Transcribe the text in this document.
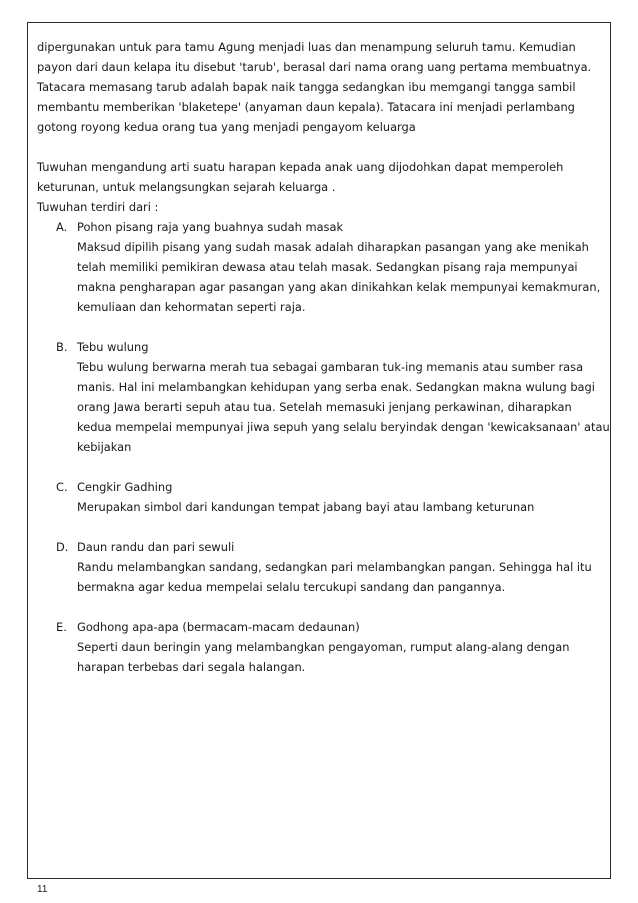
dipergunakan untuk para tamu Agung menjadi luas dan menampung seluruh tamu. Kemudian
payon dari daun kelapa itu disebut 'tarub', berasal dari nama orang uang pertama membuatnya.
Tatacara memasang tarub adalah bapak naik tangga sedangkan ibu memgangi tangga sambil
membantu memberikan 'blaketepe' (anyaman daun kepala). Tatacara ini menjadi perlambang
gotong royong kedua orang tua yang menjadi pengayom keluarga
Tuwuhan mengandung arti suatu harapan kepada anak uang dijodohkan dapat memperoleh
keturunan, untuk melangsungkan sejarah keluarga .
Tuwuhan terdiri dari :
A. Pohon pisang raja yang buahnya sudah masak
Maksud dipilih pisang yang sudah masak adalah diharapkan pasangan yang ake menikah
telah memiliki pemikiran dewasa atau telah masak. Sedangkan pisang raja mempunyai
makna pengharapan agar pasangan yang akan dinikahkan kelak mempunyai kemakmuran,
kemuliaan dan kehormatan seperti raja.
B. Tebu wulung
Tebu wulung berwarna merah tua sebagai gambaran tuk-ing memanis atau sumber rasa
manis. Hal ini melambangkan kehidupan yang serba enak. Sedangkan makna wulung bagi
orang Jawa berarti sepuh atau tua. Setelah memasuki jenjang perkawinan, diharapkan
kedua mempelai mempunyai jiwa sepuh yang selalu beryindak dengan 'kewicaksanaan' atau
kebijakan
C. Cengkir Gadhing
Merupakan simbol dari kandungan tempat jabang bayi atau lambang keturunan
D. Daun randu dan pari sewuli
Randu melambangkan sandang, sedangkan pari melambangkan pangan. Sehingga hal itu
bermakna agar kedua mempelai selalu tercukupi sandang dan pangannya.
E. Godhong apa-apa (bermacam-macam dedaunan)
Seperti daun beringin yang melambangkan pengayoman, rumput alang-alang dengan
harapan terbebas dari segala halangan.
11
